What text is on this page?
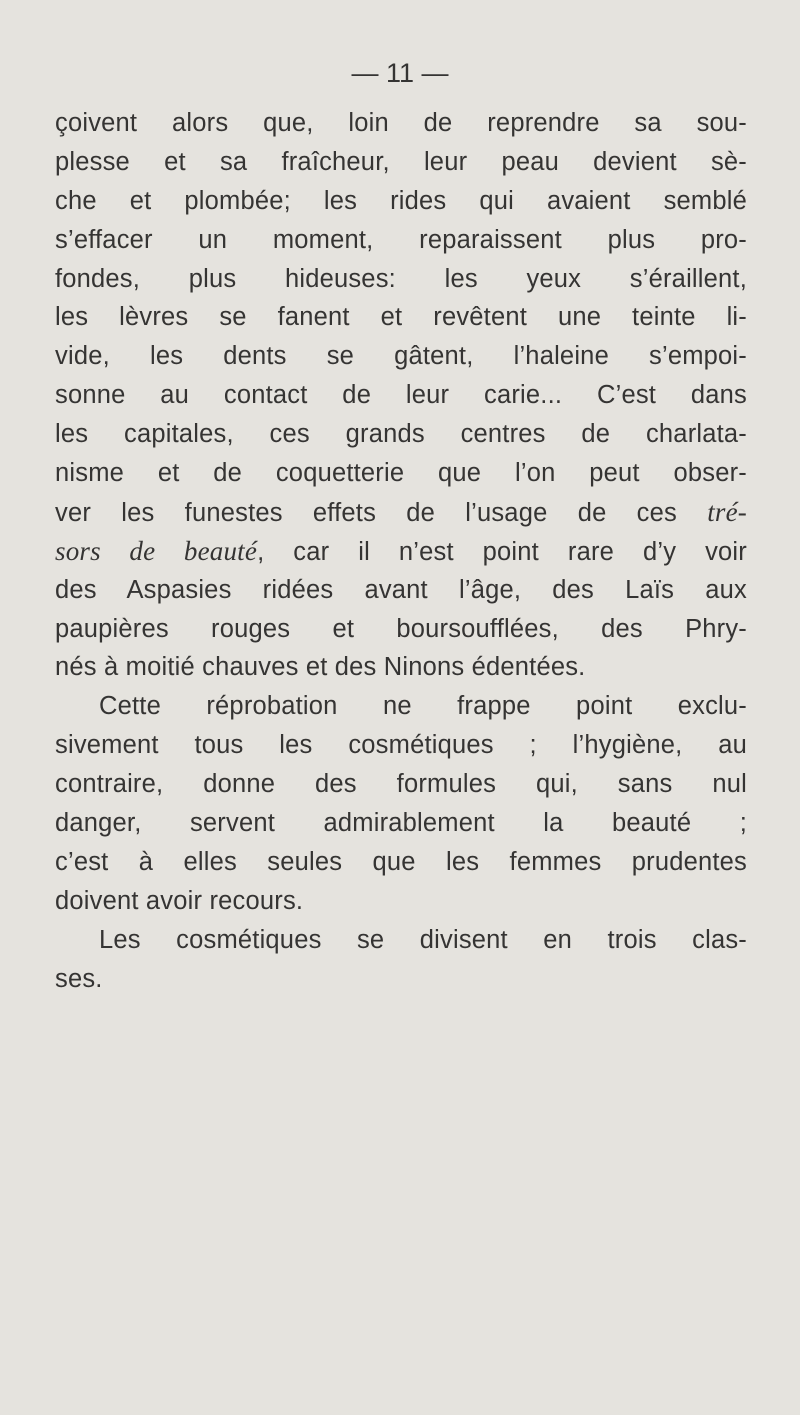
— 11 —
çoivent alors que, loin de reprendre sa sou-
plesse et sa fraîcheur, leur peau devient sè-
che et plombée; les rides qui avaient semblé
s’effacer un moment, reparaissent plus pro-
fondes, plus hideuses: les yeux s’éraillent,
les lèvres se fanent et revêtent une teinte li-
vide, les dents se gâtent, l’haleine s’empoi-
sonne au contact de leur carie... C’est dans
les capitales, ces grands centres de charlata-
nisme et de coquetterie que l’on peut obser-
ver les funestes effets de l’usage de ces tré-
sors de beauté, car il n’est point rare d’y voir
des Aspasies ridées avant l’âge, des Laïs aux
paupières rouges et boursoufflées, des Phry-
nés à moitié chauves et des Ninons édentées.
Cette réprobation ne frappe point exclu-
sivement tous les cosmétiques ; l’hygiène, au
contraire, donne des formules qui, sans nul
danger, servent admirablement la beauté ;
c’est à elles seules que les femmes prudentes
doivent avoir recours.
Les cosmétiques se divisent en trois clas-
ses.
